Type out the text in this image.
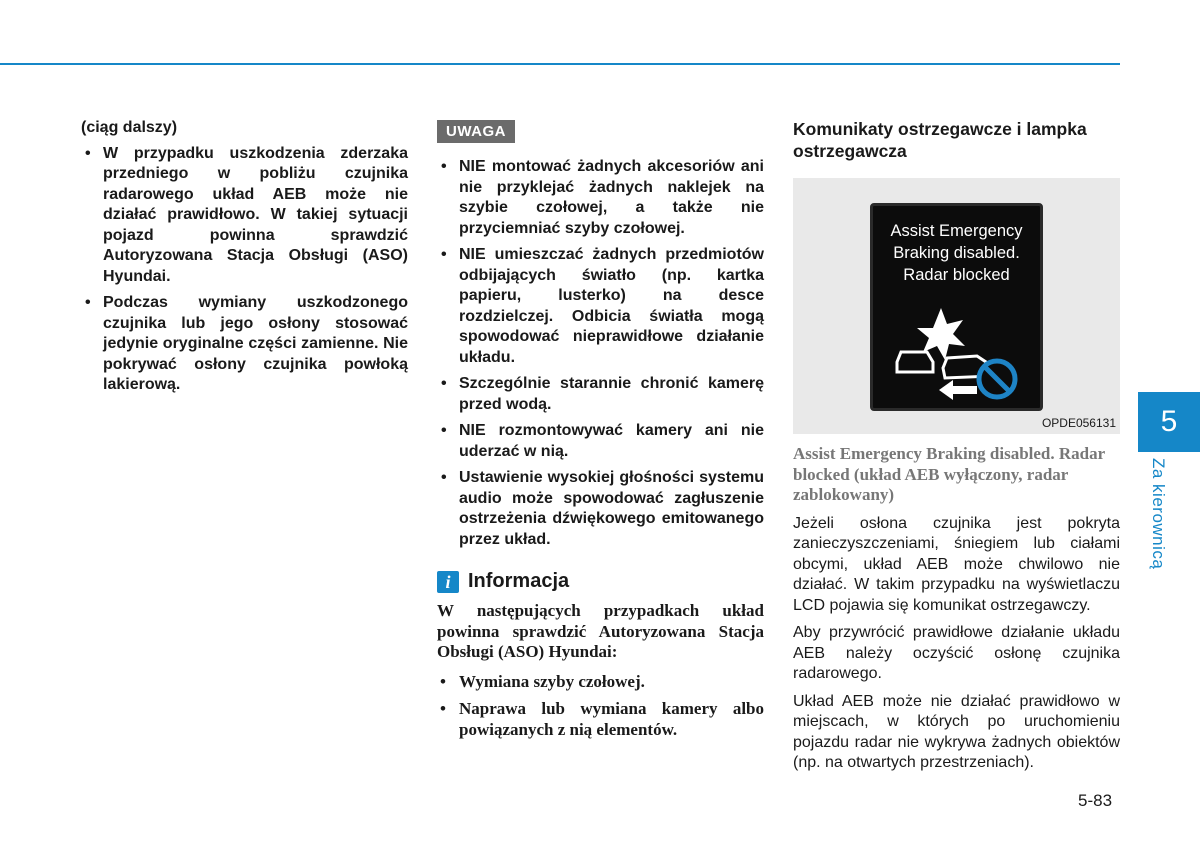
(ciąg dalszy)
• W przypadku uszkodzenia zderzaka przedniego w pobliżu czujnika radarowego układ AEB może nie działać prawidłowo. W takiej sytuacji pojazd powinna sprawdzić Autoryzowana Stacja Obsługi (ASO) Hyundai.
• Podczas wymiany uszkodzonego czujnika lub jego osłony stosować jedynie oryginalne części zamienne. Nie pokrywać osłony czujnika powłoką lakierową.
UWAGA
• NIE montować żadnych akcesoriów ani nie przyklejać żadnych naklejek na szybie czołowej, a także nie przyciemniać szyby czołowej.
• NIE umieszczać żadnych przedmiotów odbijających światło (np. kartka papieru, lusterko) na desce rozdzielczej. Odbicia światła mogą spowodować nieprawidłowe działanie układu.
• Szczególnie starannie chronić kamerę przed wodą.
• NIE rozmontowywać kamery ani nie uderzać w nią.
• Ustawienie wysokiej głośności systemu audio może spowodować zagłuszenie ostrzeżenia dźwiękowego emitowanego przez układ.
i Informacja
W następujących przypadkach układ powinna sprawdzić Autoryzowana Stacja Obsługi (ASO) Hyundai:
• Wymiana szyby czołowej.
• Naprawa lub wymiana kamery albo powiązanych z nią elementów.
Komunikaty ostrzegawcze i lampka ostrzegawcza
Assist Emergency
Braking disabled.
Radar blocked
OPDE056131
Assist Emergency Braking disabled. Radar blocked (układ AEB wyłączony, radar zablokowany)

Jeżeli osłona czujnika jest pokryta zanieczyszczeniami, śniegiem lub ciałami obcymi, układ AEB może chwilowo nie działać. W takim przypadku na wyświetlaczu LCD pojawia się komunikat ostrzegawczy.

Aby przywrócić prawidłowe działanie układu AEB należy oczyścić osłonę czujnika radarowego.

Układ AEB może nie działać prawidłowo w miejscach, w których po uruchomieniu pojazdu radar nie wykrywa żadnych obiektów (np. na otwartych przestrzeniach).

5
Za kierownicą
5-83
